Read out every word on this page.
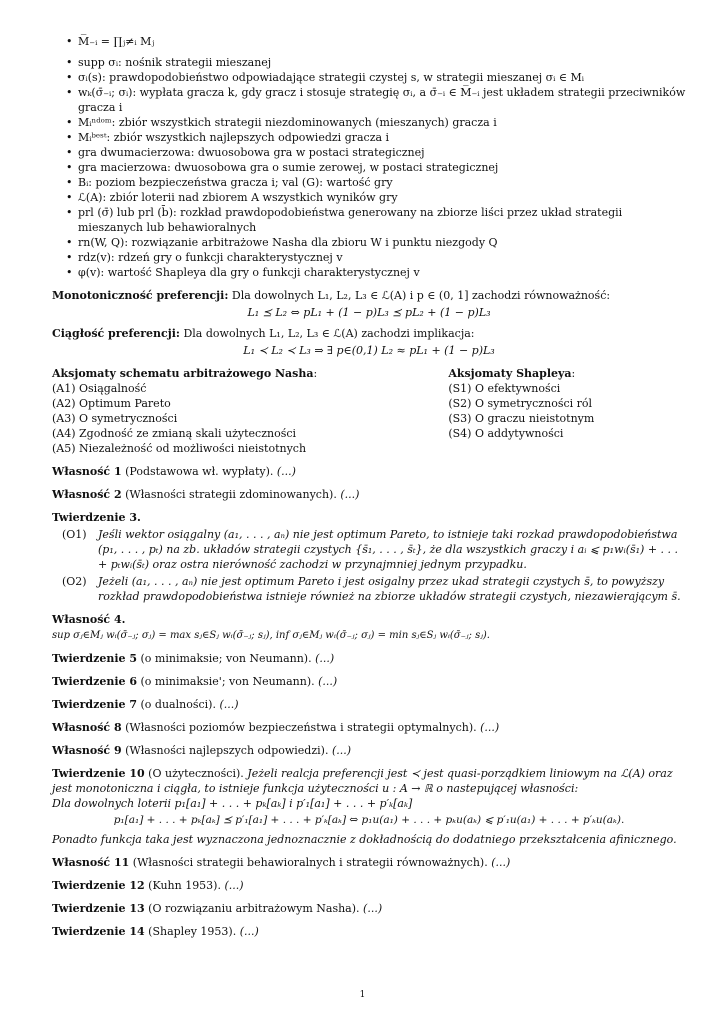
• M̅₋ᵢ = ∏ⱼ≠ᵢ Mⱼ
• supp σᵢ: nośnik strategii mieszanej
• σᵢ(s): prawdopodobieństwo odpowiadające strategii czystej s, w strategii mieszanej σᵢ ∈ Mᵢ
• wₖ(σ̄₋ᵢ; σᵢ): wypłata gracza k, gdy gracz i stosuje strategię σᵢ, a σ̄₋ᵢ ∈ M̅₋ᵢ jest układem strategii przeciwników gracza i
• Mᵢⁿᵈᵒᵐ: zbiór wszystkich strategii niezdominowanych (mieszanych) gracza i
• Mᵢᵇᵉˢᵗ: zbiór wszystkich najlepszych odpowiedzi gracza i
• gra dwumacierzowa: dwuosobowa gra w postaci strategicznej
• gra macierzowa: dwuosobowa gra o sumie zerowej, w postaci strategicznej
• Bᵢ: poziom bezpieczeństwa gracza i; val (G): wartość gry
• ℒ(A): zbiór loterii nad zbiorem A wszystkich wyników gry
• prl (σ̄) lub prl (b̄): rozkład prawdopodobieństwa generowany na zbiorze liści przez układ strategii mieszanych lub behawioralnych
• rn(W, Q): rozwiązanie arbitrażowe Nasha dla zbioru W i punktu niezgody Q
• rdz(v): rdzeń gry o funkcji charakterystycznej v
• φ(v): wartość Shapleya dla gry o funkcji charakterystycznej v
Monotoniczność preferencji: Dla dowolnych L₁, L₂, L₃ ∈ ℒ(A) i p ∈ (0, 1] zachodzi równoważność:
L₁ ⪯ L₂ ⇔ pL₁ + (1 − p)L₃ ⪯ pL₂ + (1 − p)L₃
Ciągłość preferencji: Dla dowolnych L₁, L₂, L₃ ∈ ℒ(A) zachodzi implikacja:
L₁ ≺ L₂ ≺ L₃ ⇒ ∃ p∈(0,1) L₂ ≈ pL₁ + (1 − p)L₃
Aksjomaty schematu arbitrażowego Nasha:
(A1) Osiągalność
(A2) Optimum Pareto
(A3) O symetryczności
(A4) Zgodność ze zmianą skali użyteczności
(A5) Niezależność od możliwości nieistotnych
Aksjomaty Shapleya:
(S1) O efektywności
(S2) O symetryczności ról
(S3) O graczu nieistotnym
(S4) O addytywności
Własność 1 (Podstawowa wł. wypłaty). (...)
Własność 2 (Własności strategii zdominowanych). (...)
Twierdzenie 3.
(O1)	Jeśli wektor osiągalny (a₁, . . . , aₙ) nie jest optimum Pareto, to istnieje taki rozkad prawdopodobieństwa (p₁, . . . , pₜ) na zb. układów strategii czystych {s̄₁, . . . , s̄ₜ}, że dla wszystkich graczy i aᵢ ⩽ p₁wᵢ(s̄₁) + . . . + pₜwᵢ(s̄ₜ) oraz ostra nierówność zachodzi w przynajmniej jednym przypadku.
(O2)	Jeżeli (a₁, . . . , aₙ) nie jest optimum Pareto i jest osigalny przez ukad strategii czystych s̄, to powyższy rozkład prawdopodobieństwa istnieje również na zbiorze układów strategii czystych, niezawierającym s̄.
Własność 4.
sup σⱼ∈Mⱼ wᵢ(σ̄₋ⱼ; σⱼ) = max sⱼ∈Sⱼ wᵢ(σ̄₋ⱼ; sⱼ), inf σⱼ∈Mⱼ wᵢ(σ̄₋ⱼ; σⱼ) = min sⱼ∈Sⱼ wᵢ(σ̄₋ⱼ; sⱼ).
Twierdzenie 5 (o minimaksie; von Neumann). (...)
Twierdzenie 6 (o minimaksie'; von Neumann). (...)
Twierdzenie 7 (o dualności). (...)
Własność 8 (Własności poziomów bezpieczeństwa i strategii optymalnych). (...)
Własność 9 (Własności najlepszych odpowiedzi). (...)
Twierdzenie 10 (O użyteczności). Jeżeli realcja preferencji jest ≺ jest quasi-porządkiem liniowym na ℒ(A) oraz jest monotoniczna i ciągła, to istnieje funkcja użyteczności u : A → ℝ o nastepującej własności:
Dla dowolnych loterii p₁[a₁] + . . . + pₖ[aₖ] i p′₁[a₁] + . . . + p′ₖ[aₖ]
p₁[a₁] + . . . + pₖ[aₖ] ⪯ p′₁[a₁] + . . . + p′ₖ[aₖ] ⇔ p₁u(a₁) + . . . + pₖu(aₖ) ⩽ p′₁u(a₁) + . . . + p′ₖu(aₖ).
Ponadto funkcja taka jest wyznaczona jednoznacznie z dokładnością do dodatniego przekształcenia afinicznego.
Własność 11 (Własności strategii behawioralnych i strategii równoważnych). (...)
Twierdzenie 12 (Kuhn 1953). (...)
Twierdzenie 13 (O rozwiązaniu arbitrażowym Nasha). (...)
Twierdzenie 14 (Shapley 1953). (...)
1
